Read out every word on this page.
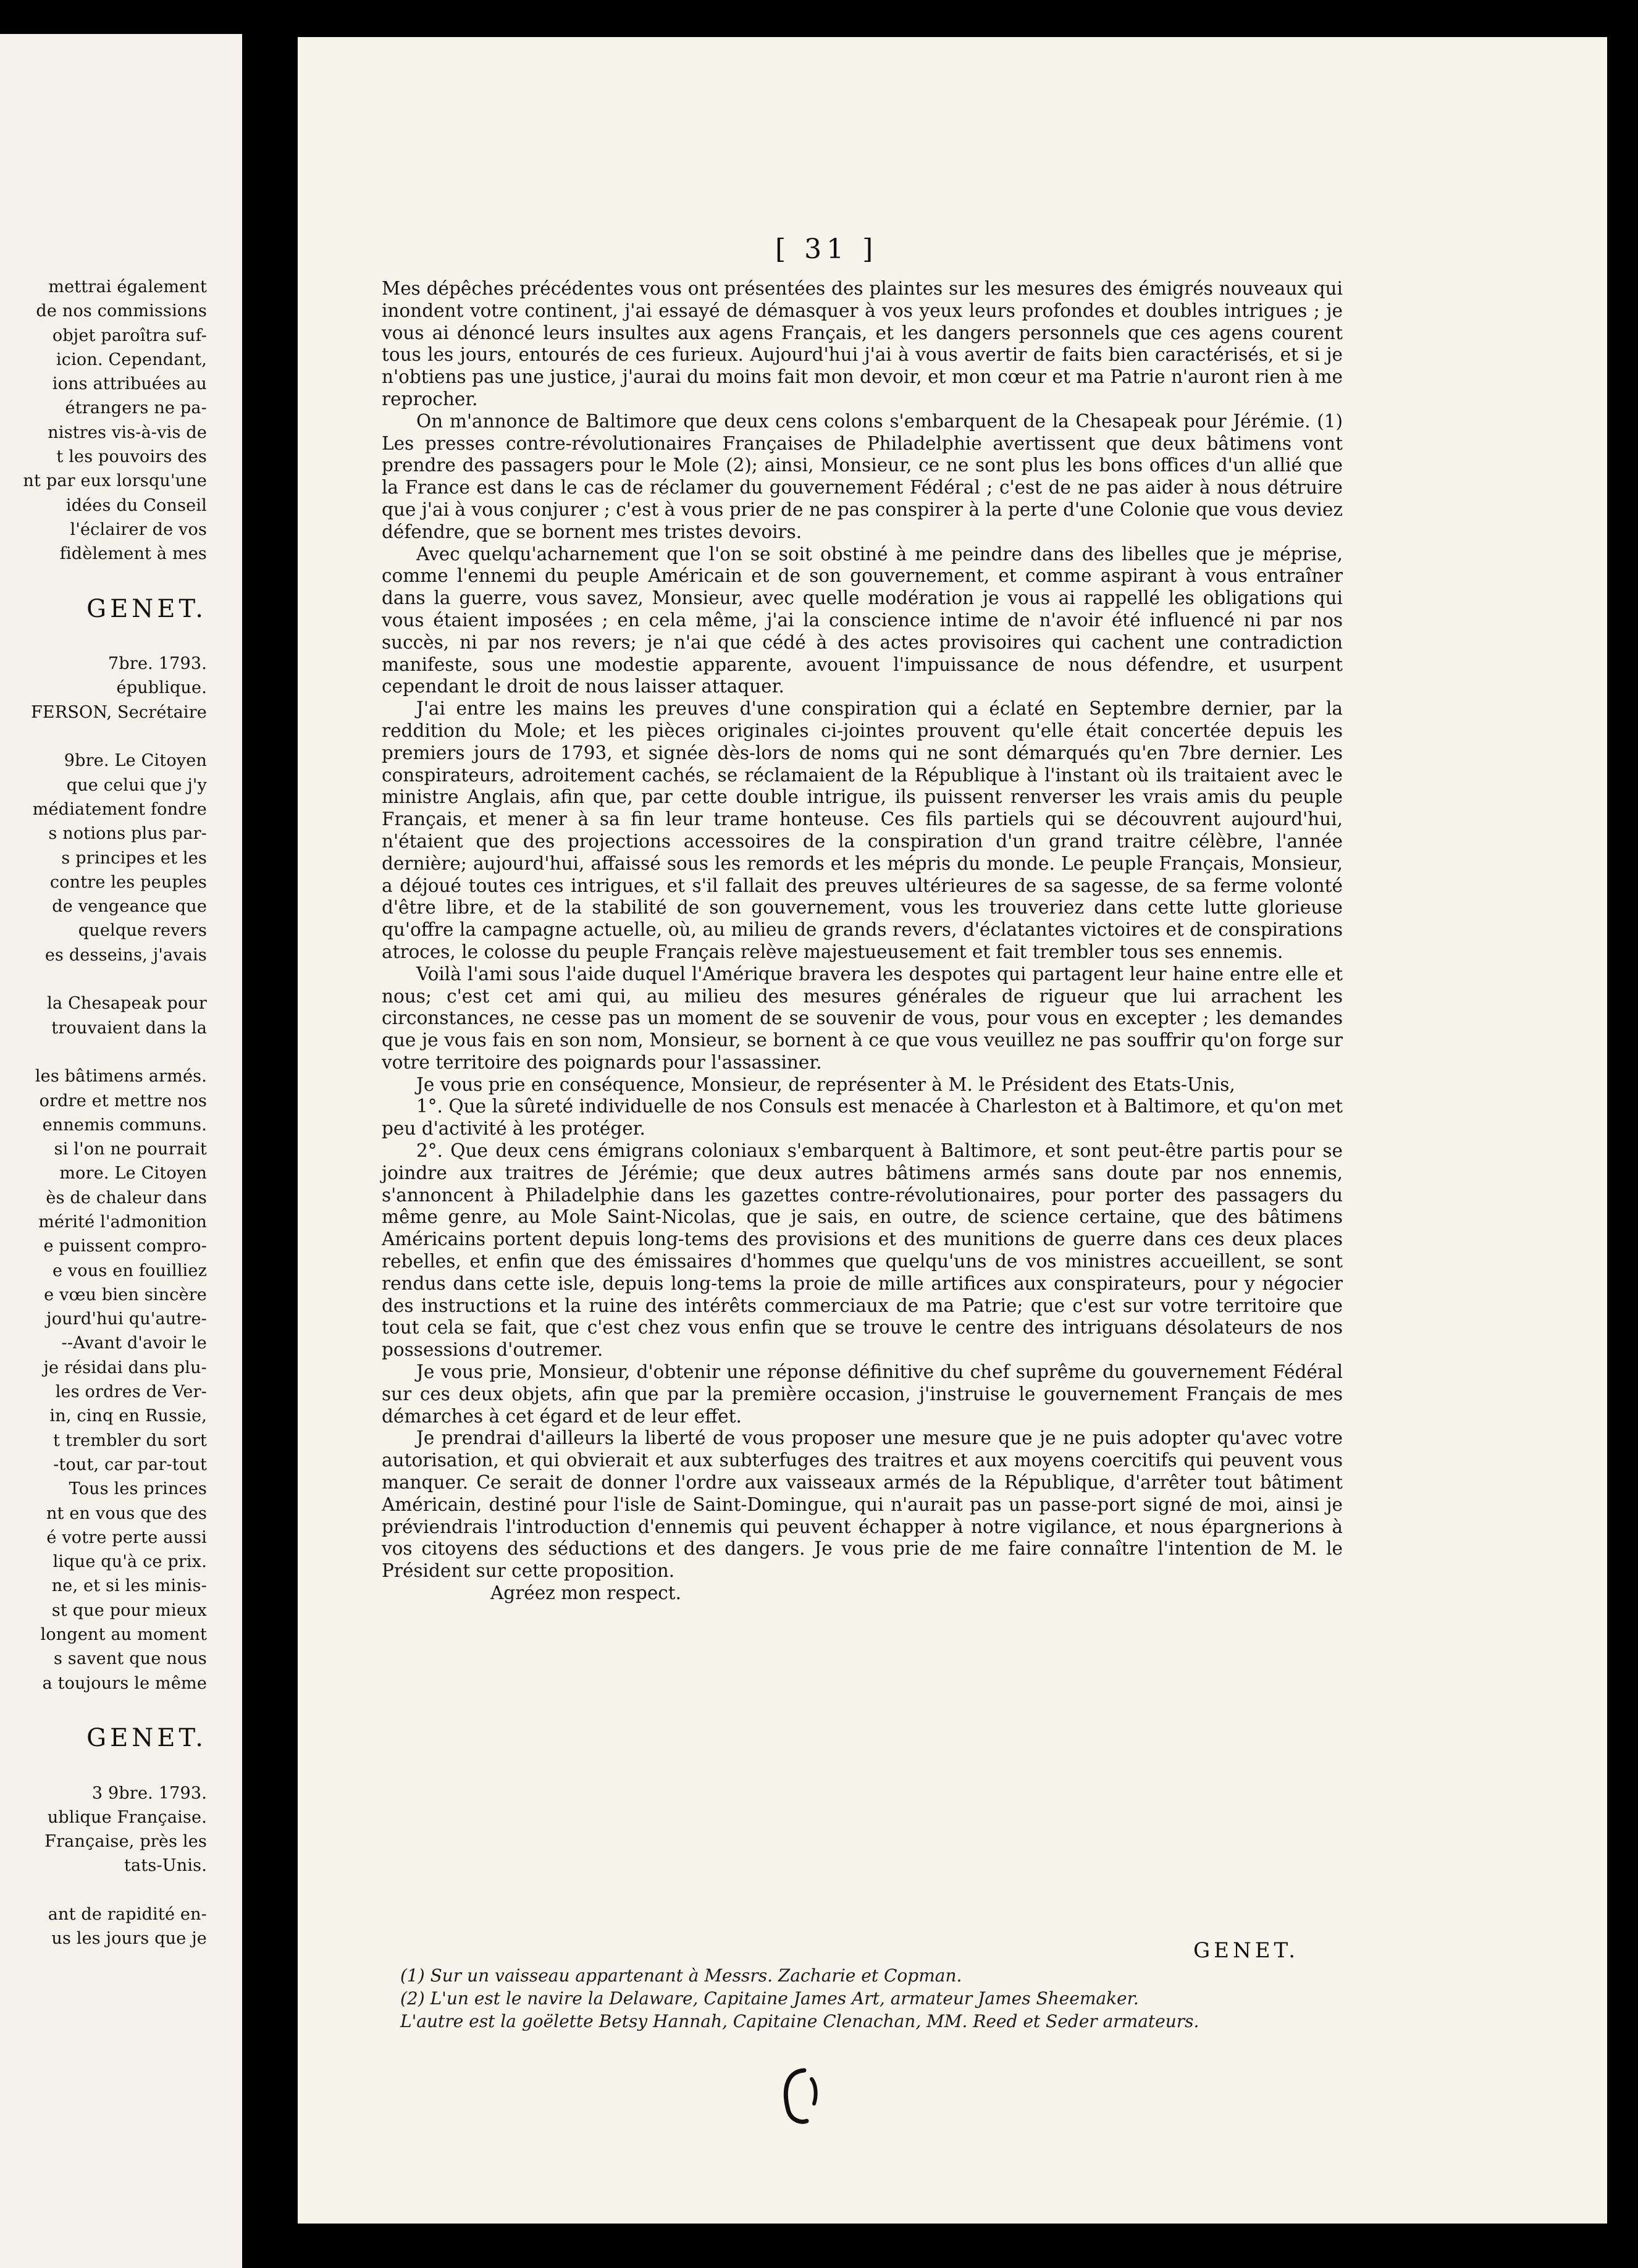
mettrai également
de nos commissions
objet paroîtra suf-
icion. Cependant,
ions attribuées au
étrangers ne pa-
nistres vis-à-vis de
t les pouvoirs des
nt par eux lorsqu'une
idées du Conseil
l'éclairer de vos
fidèlement à mes
GENET.
7bre. 1793.
épublique.
FERSON, Secrétaire
9bre. Le Citoyen
que celui que j'y
médiatement fondre
s notions plus par-
s principes et les
contre les peuples
de vengeance que
quelque revers
es desseins, j'avais
la Chesapeak pour
trouvaient dans la
les bâtimens armés.
ordre et mettre nos
ennemis communs.
si l'on ne pourrait
more. Le Citoyen
ès de chaleur dans
mérité l'admonition
e puissent compro-
e vous en fouilliez
e vœu bien sincère
jourd'hui qu'autre-
--Avant d'avoir le
je résidai dans plu-
les ordres de Ver-
in, cinq en Russie,
t trembler du sort
-tout, car par-tout
Tous les princes
nt en vous que des
é votre perte aussi
lique qu'à ce prix.
ne, et si les minis-
st que pour mieux
longent au moment
s savent que nous
a toujours le même
GENET.
3 9bre. 1793.
ublique Française.
Française, près les
tats-Unis.
ant de rapidité en-
us les jours que je
[ 31 ]

Mes dépêches précédentes vous ont présentées des plaintes sur les mesures des émigrés nouveaux qui inondent votre continent, j'ai essayé de démasquer à vos yeux leurs profondes et doubles intrigues ; je vous ai dénoncé leurs insultes aux agens Français, et les dangers personnels que ces agens courent tous les jours, entourés de ces furieux. Aujourd'hui j'ai à vous avertir de faits bien caractérisés, et si je n'obtiens pas une justice, j'aurai du moins fait mon devoir, et mon cœur et ma Patrie n'auront rien à me reprocher.

On m'annonce de Baltimore que deux cens colons s'embarquent de la Chesapeak pour Jérémie. (1) Les presses contre-révolutionaires Françaises de Philadelphie avertissent que deux bâtimens vont prendre des passagers pour le Mole (2); ainsi, Monsieur, ce ne sont plus les bons offices d'un allié que la France est dans le cas de réclamer du gouvernement Fédéral ; c'est de ne pas aider à nous détruire que j'ai à vous conjurer ; c'est à vous prier de ne pas conspirer à la perte d'une Colonie que vous deviez défendre, que se bornent mes tristes devoirs.

Avec quelqu'acharnement que l'on se soit obstiné à me peindre dans des libelles que je méprise, comme l'ennemi du peuple Américain et de son gouvernement, et comme aspirant à vous entraîner dans la guerre, vous savez, Monsieur, avec quelle modération je vous ai rappellé les obligations qui vous étaient imposées ; en cela même, j'ai la conscience intime de n'avoir été influencé ni par nos succès, ni par nos revers; je n'ai que cédé à des actes provisoires qui cachent une contradiction manifeste, sous une modestie apparente, avouent l'impuissance de nous défendre, et usurpent cependant le droit de nous laisser attaquer.

J'ai entre les mains les preuves d'une conspiration qui a éclaté en Septembre dernier, par la reddition du Mole; et les pièces originales ci-jointes prouvent qu'elle était concertée depuis les premiers jours de 1793, et signée dès-lors de noms qui ne sont démarqués qu'en 7bre dernier. Les conspirateurs, adroitement cachés, se réclamaient de la République à l'instant où ils traitaient avec le ministre Anglais, afin que, par cette double intrigue, ils puissent renverser les vrais amis du peuple Français, et mener à sa fin leur trame honteuse. Ces fils partiels qui se découvrent aujourd'hui, n'étaient que des projections accessoires de la conspiration d'un grand traitre célèbre, l'année dernière; aujourd'hui, affaissé sous les remords et les mépris du monde. Le peuple Français, Monsieur, a déjoué toutes ces intrigues, et s'il fallait des preuves ultérieures de sa sagesse, de sa ferme volonté d'être libre, et de la stabilité de son gouvernement, vous les trouveriez dans cette lutte glorieuse qu'offre la campagne actuelle, où, au milieu de grands revers, d'éclatantes victoires et de conspirations atroces, le colosse du peuple Français relève majestueusement et fait trembler tous ses ennemis.

Voilà l'ami sous l'aide duquel l'Amérique bravera les despotes qui partagent leur haine entre elle et nous; c'est cet ami qui, au milieu des mesures générales de rigueur que lui arrachent les circonstances, ne cesse pas un moment de se souvenir de vous, pour vous en excepter ; les demandes que je vous fais en son nom, Monsieur, se bornent à ce que vous veuillez ne pas souffrir qu'on forge sur votre territoire des poignards pour l'assassiner.

Je vous prie en conséquence, Monsieur, de représenter à M. le Président des Etats-Unis,

1°. Que la sûreté individuelle de nos Consuls est menacée à Charleston et à Baltimore, et qu'on met peu d'activité à les protéger.

2°. Que deux cens émigrans coloniaux s'embarquent à Baltimore, et sont peut-être partis pour se joindre aux traitres de Jérémie; que deux autres bâtimens armés sans doute par nos ennemis, s'annoncent à Philadelphie dans les gazettes contre-révolutionaires, pour porter des passagers du même genre, au Mole Saint-Nicolas, que je sais, en outre, de science certaine, que des bâtimens Américains portent depuis long-tems des provisions et des munitions de guerre dans ces deux places rebelles, et enfin que des émissaires d'hommes que quelqu'uns de vos ministres accueillent, se sont rendus dans cette isle, depuis long-tems la proie de mille artifices aux conspirateurs, pour y négocier des instructions et la ruine des intérêts commerciaux de ma Patrie; que c'est sur votre territoire que tout cela se fait, que c'est chez vous enfin que se trouve le centre des intriguans désolateurs de nos possessions d'outremer.

Je vous prie, Monsieur, d'obtenir une réponse définitive du chef suprême du gouvernement Fédéral sur ces deux objets, afin que par la première occasion, j'instruise le gouvernement Français de mes démarches à cet égard et de leur effet.

Je prendrai d'ailleurs la liberté de vous proposer une mesure que je ne puis adopter qu'avec votre autorisation, et qui obvierait et aux subterfuges des traitres et aux moyens coercitifs qui peuvent vous manquer. Ce serait de donner l'ordre aux vaisseaux armés de la République, d'arrêter tout bâtiment Américain, destiné pour l'isle de Saint-Domingue, qui n'aurait pas un passe-port signé de moi, ainsi je préviendrais l'introduction d'ennemis qui peuvent échapper à notre vigilance, et nous épargnerions à vos citoyens des séductions et des dangers. Je vous prie de me faire connaître l'intention de M. le Président sur cette proposition.

Agréez mon respect.

GENET.

(1) Sur un vaisseau appartenant à Messrs. Zacharie et Copman.

(2) L'un est le navire la Delaware, Capitaine James Art, armateur James Sheemaker.

L'autre est la goëlette Betsy Hannah, Capitaine Clenachan, MM. Reed et Seder armateurs.
